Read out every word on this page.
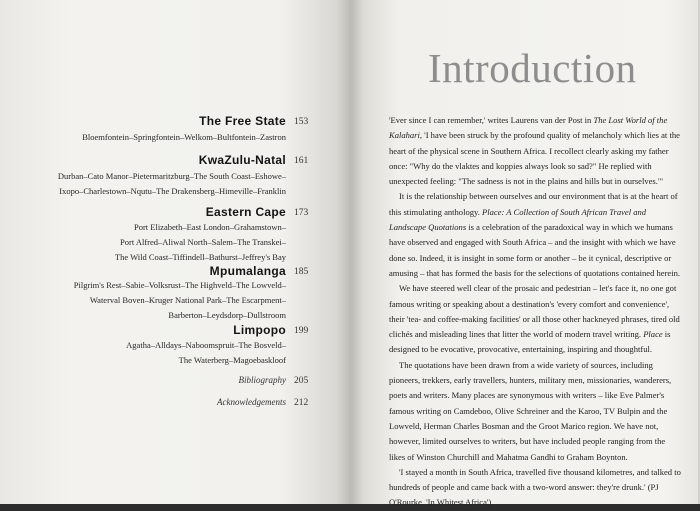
The Free State 153
Bloemfontein–Springfontein–Welkom–Bultfontein–Zastron
KwaZulu-Natal 161
Durban–Cato Manor–Pietermaritzburg–The South Coast–Eshowe–
Ixopo–Charlestown–Nqutu–The Drakensberg–Himeville–Franklin
Eastern Cape 173
Port Elizabeth–East London–Grahamstown–
Port Alfred–Aliwal North–Salem–The Transkei–
The Wild Coast–Tiffindell–Bathurst–Jeffrey's Bay
Mpumalanga 185
Pilgrim's Rest–Sabie–Volksrust–The Highveld–The Lowveld–
Waterval Boven–Kruger National Park–The Escarpment–
Barberton–Leydsdorp–Dullstroom
Limpopo 199
Agatha–Alldays–Naboomspruit–The Bosveld–
The Waterberg–Magoebaskloof
Bibliography 205
Acknowledgements 212
Introduction

'Ever since I can remember,' writes Laurens van der Post in The Lost World of the Kalahari, 'I have been struck by the profound quality of melancholy which lies at the heart of the physical scene in Southern Africa. I recollect clearly asking my father once: "Why do the vlaktes and koppies always look so sad?" He replied with unexpected feeling: "The sadness is not in the plains and hills but in ourselves."'

It is the relationship between ourselves and our environment that is at the heart of this stimulating anthology. Place: A Collection of South African Travel and Landscape Quotations is a celebration of the paradoxical way in which we humans have observed and engaged with South Africa – and the insight with which we have done so. Indeed, it is insight in some form or another – be it cynical, descriptive or amusing – that has formed the basis for the selections of quotations contained herein.

We have steered well clear of the prosaic and pedestrian – let's face it, no one got famous writing or speaking about a destination's 'every comfort and convenience', their 'tea- and coffee-making facilities' or all those other hackneyed phrases, tired old clichés and misleading lines that litter the world of modern travel writing. Place is designed to be evocative, provocative, entertaining, inspiring and thoughtful.

The quotations have been drawn from a wide variety of sources, including pioneers, trekkers, early travellers, hunters, military men, missionaries, wanderers, poets and writers. Many places are synonymous with writers – like Eve Palmer's famous writing on Camdeboo, Olive Schreiner and the Karoo, TV Bulpin and the Lowveld, Herman Charles Bosman and the Groot Marico region. We have not, however, limited ourselves to writers, but have included people ranging from the likes of Winston Churchill and Mahatma Gandhi to Graham Boynton.

'I stayed a month in South Africa, travelled five thousand kilometres, and talked to hundreds of people and came back with a two-word answer: they're drunk.' (PJ O'Rourke, 'In Whitest Africa')
